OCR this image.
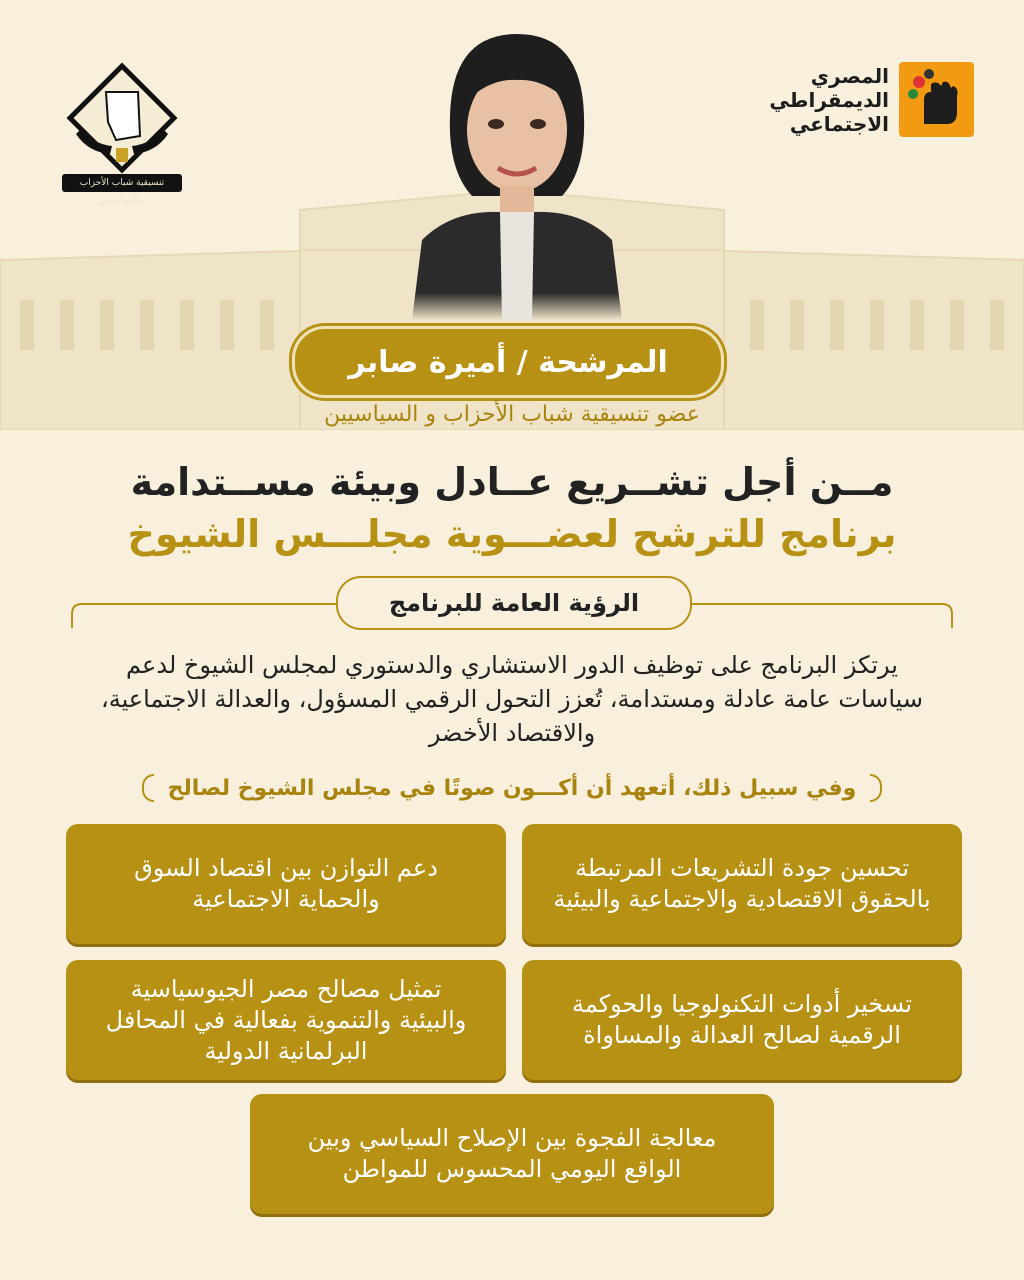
المصري
الديمقراطي
الاجتماعي
تنسيقية شباب الأحزاب والسياسيين
المرشحة / أميرة صابر
عضو تنسيقية شباب الأحزاب و السياسيين
مــن أجل تشــريع عــادل وبيئة مســتدامة
برنامج للترشح لعضـــوية مجلـــس الشيوخ
الرؤية العامة للبرنامج
يرتكز البرنامج على توظيف الدور الاستشاري والدستوري لمجلس الشيوخ لدعم سياسات عامة عادلة ومستدامة، تُعزز التحول الرقمي المسؤول، والعدالة الاجتماعية، والاقتصاد الأخضر
وفي سبيل ذلك، أتعهد أن أكـــون صوتًا في مجلس الشيوخ لصالح
تحسين جودة التشريعات المرتبطة بالحقوق الاقتصادية والاجتماعية والبيئية
دعم التوازن بين اقتصاد السوق والحماية الاجتماعية
تسخير أدوات التكنولوجيا والحوكمة الرقمية لصالح العدالة والمساواة
تمثيل مصالح مصر الجيوسياسية والبيئية والتنموية بفعالية في المحافل البرلمانية الدولية
معالجة الفجوة بين الإصلاح السياسي وبين الواقع اليومي المحسوس للمواطن
